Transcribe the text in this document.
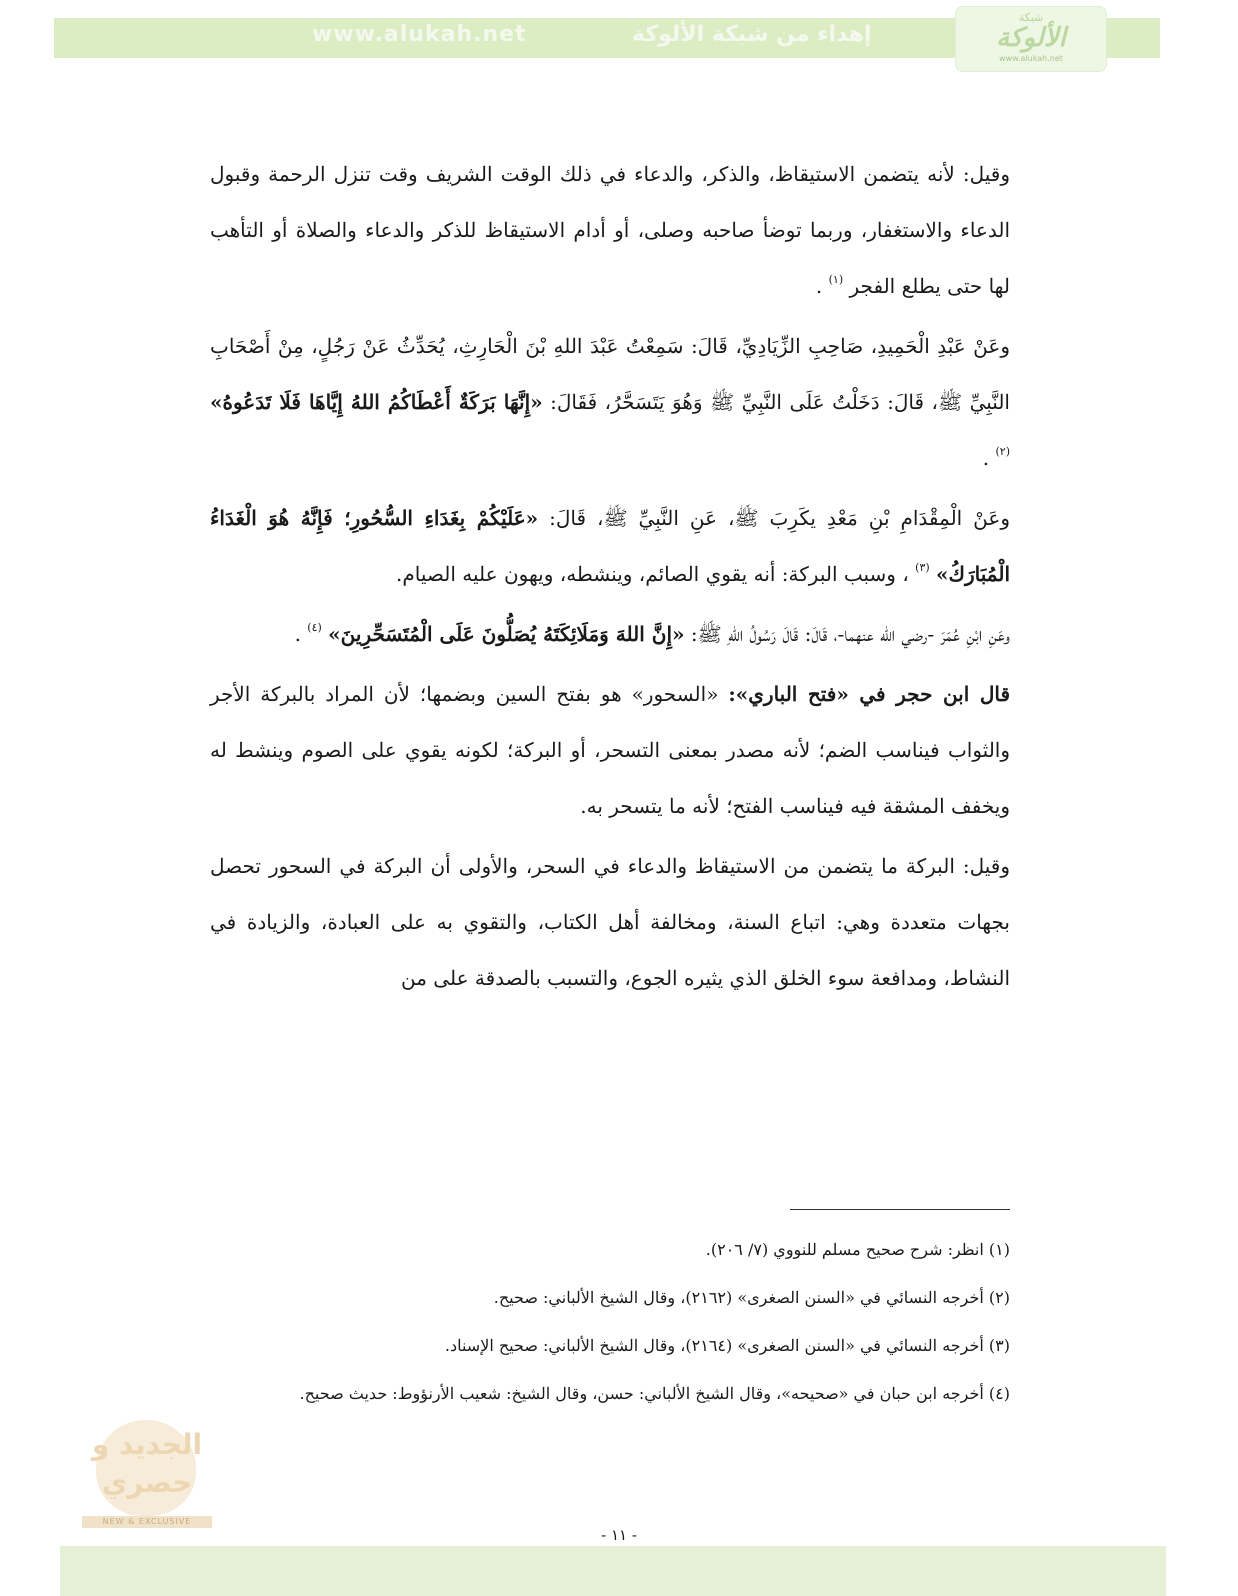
www.alukah.net	إهداء من شبكة الألوكة
شبكة
الألوكة
www.alukah.net

وقيل: لأنه يتضمن الاستيقاظ، والذكر، والدعاء في ذلك الوقت الشريف وقت تنزل الرحمة وقبول الدعاء والاستغفار، وربما توضأ صاحبه وصلى، أو أدام الاستيقاظ للذكر والدعاء والصلاة أو التأهب لها حتى يطلع الفجر $^{(١)}$ .

وعَنْ عَبْدِ الْحَمِيدِ، صَاحِبِ الزِّيَادِيِّ، قَالَ: سَمِعْتُ عَبْدَ اللهِ بْنَ الْحَارِثِ، يُحَدِّثُ عَنْ رَجُلٍ، مِنْ أَصْحَابِ النَّبِيِّ ﷺ، قَالَ: دَخَلْتُ عَلَى النَّبِيِّ ﷺ وَهُوَ يَتَسَحَّرُ، فَقَالَ: «إِنَّهَا بَرَكَةٌ أَعْطَاكُمُ اللهُ إِيَّاهَا فَلَا تَدَعُوهُ» $^{(٢)}$ .

وعَنْ الْمِقْدَامِ بْنِ مَعْدِ يكَرِبَ ﷺ، عَنِ النَّبِيِّ ﷺ، قَالَ: «عَلَيْكُمْ بِغَدَاءِ السُّحُورِ؛ فَإِنَّهُ هُوَ الْغَدَاءُ الْمُبَارَكُ» $^{(٣)}$ ، وسبب البركة: أنه يقوي الصائم، وينشطه، ويهون عليه الصيام.

وعَنِ ابْنِ عُمَرَ -رضي الله عنهما-، قَالَ: قَالَ رَسُولُ اللهِ ﷺ: «إِنَّ اللهَ وَمَلَائِكَتَهُ يُصَلُّونَ عَلَى الْمُتَسَحِّرِينَ» $^{(٤)}$ .

قال ابن حجر في «فتح الباري»: «السحور» هو بفتح السين وبضمها؛ لأن المراد بالبركة الأجر والثواب فيناسب الضم؛ لأنه مصدر بمعنى التسحر، أو البركة؛ لكونه يقوي على الصوم وينشط له ويخفف المشقة فيه فيناسب الفتح؛ لأنه ما يتسحر به.

وقيل: البركة ما يتضمن من الاستيقاظ والدعاء في السحر، والأولى أن البركة في السحور تحصل بجهات متعددة وهي: اتباع السنة، ومخالفة أهل الكتاب، والتقوي به على العبادة، والزيادة في النشاط، ومدافعة سوء الخلق الذي يثيره الجوع، والتسبب بالصدقة على من

(١) انظر: شرح صحيح مسلم للنووي (٧/ ٢٠٦).

(٢) أخرجه النسائي في «السنن الصغرى» (٢١٦٢)، وقال الشيخ الألباني: صحيح.

(٣) أخرجه النسائي في «السنن الصغرى» (٢١٦٤)، وقال الشيخ الألباني: صحيح الإسناد.

(٤) أخرجه ابن حبان في «صحيحه»، وقال الشيخ الألباني: حسن، وقال الشيخ: شعيب الأرنؤوط: حديث صحيح.

الجديد و حصري
NEW & EXCLUSIVE
- ١١ -
